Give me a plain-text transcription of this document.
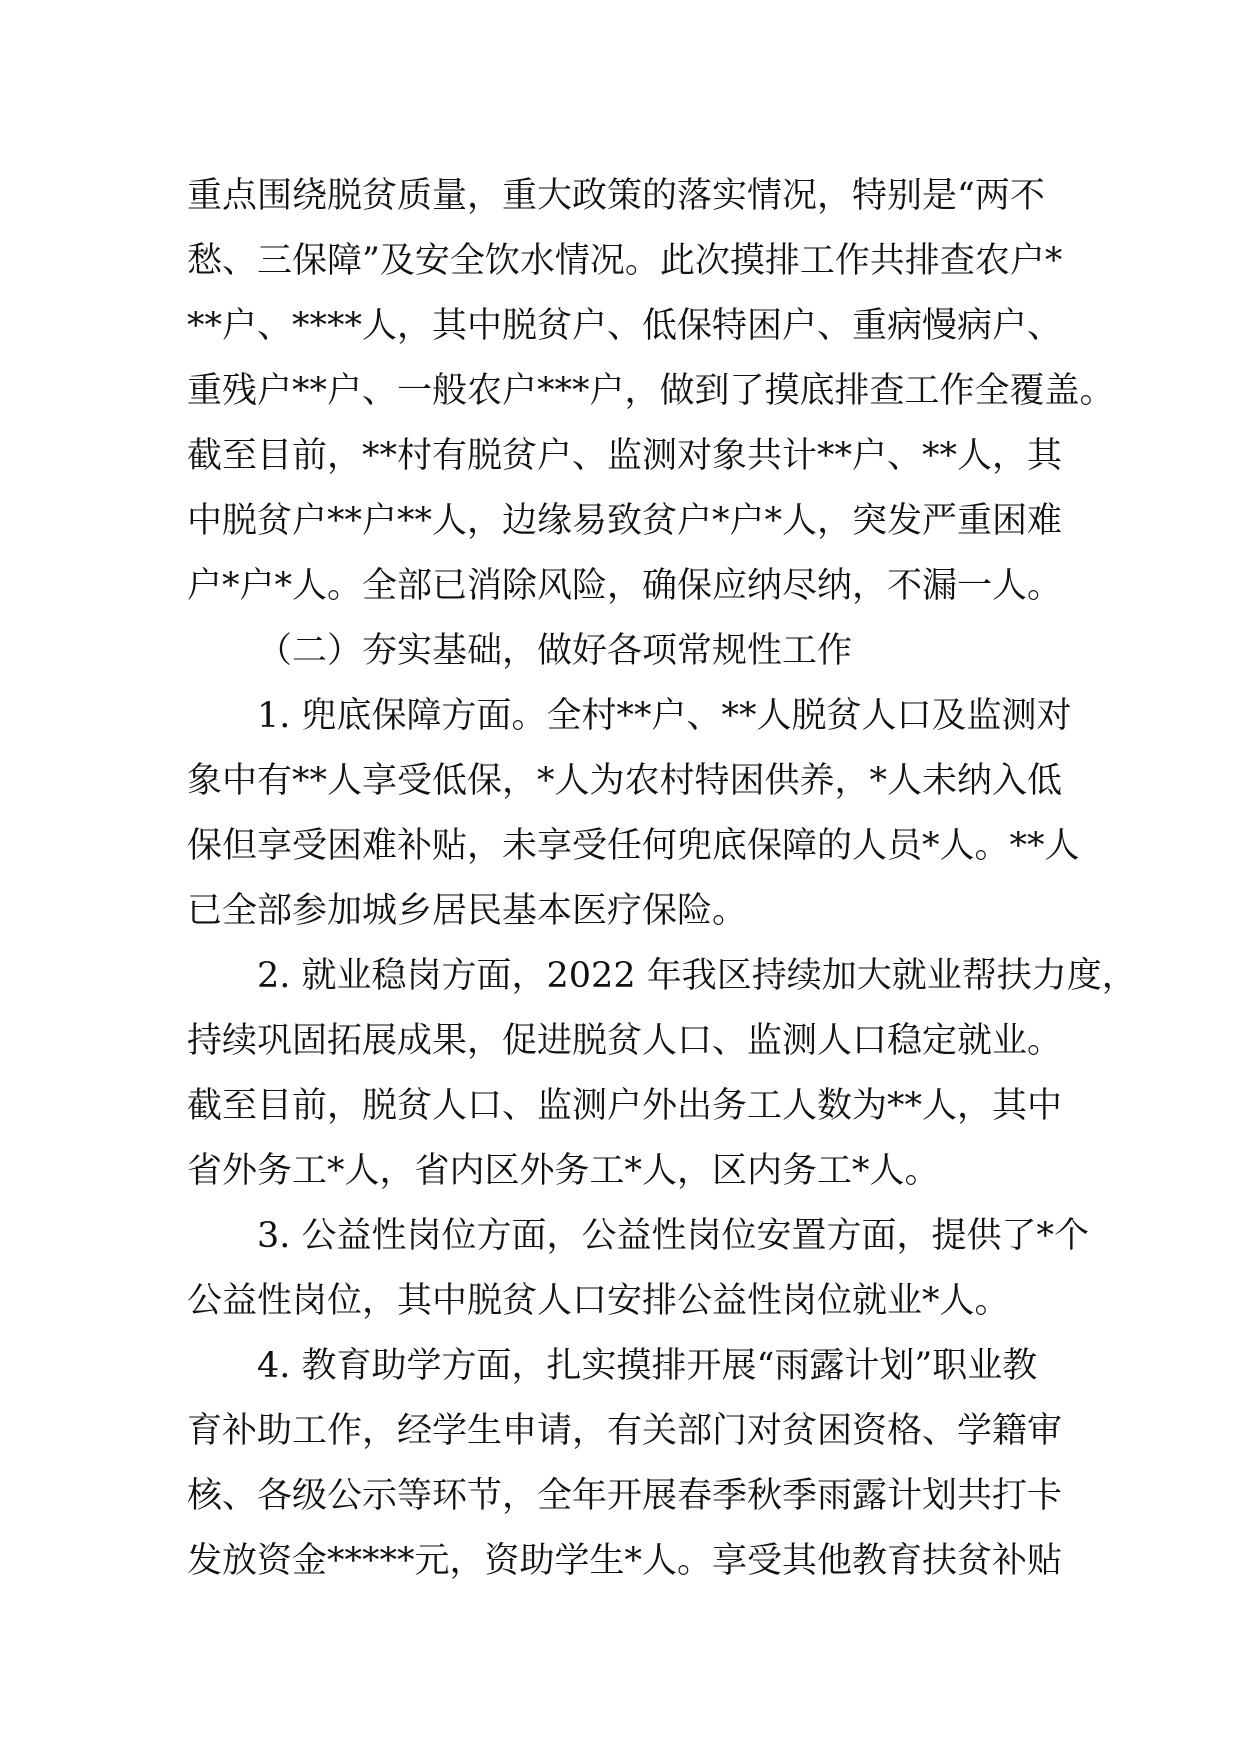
重点围绕脱贫质量，重大政策的落实情况，特别是“两不
愁、三保障”及安全饮水情况。此次摸排工作共排查农户*
**户、****人，其中脱贫户、低保特困户、重病慢病户、
重残户**户、一般农户***户，做到了摸底排查工作全覆盖。
截至目前，**村有脱贫户、监测对象共计**户、**人，其
中脱贫户**户**人，边缘易致贫户*户*人，突发严重困难
户*户*人。全部已消除风险，确保应纳尽纳，不漏一人。
（二）夯实基础，做好各项常规性工作
1. 兜底保障方面。全村**户、**人脱贫人口及监测对
象中有**人享受低保，*人为农村特困供养，*人未纳入低
保但享受困难补贴，未享受任何兜底保障的人员*人。**人
已全部参加城乡居民基本医疗保险。
2. 就业稳岗方面，2022 年我区持续加大就业帮扶力度，
持续巩固拓展成果，促进脱贫人口、监测人口稳定就业。
截至目前，脱贫人口、监测户外出务工人数为**人，其中
省外务工*人，省内区外务工*人，区内务工*人。
3. 公益性岗位方面，公益性岗位安置方面，提供了*个
公益性岗位，其中脱贫人口安排公益性岗位就业*人。
4. 教育助学方面，扎实摸排开展“雨露计划”职业教
育补助工作，经学生申请，有关部门对贫困资格、学籍审
核、各级公示等环节，全年开展春季秋季雨露计划共打卡
发放资金*****元，资助学生*人。享受其他教育扶贫补贴
